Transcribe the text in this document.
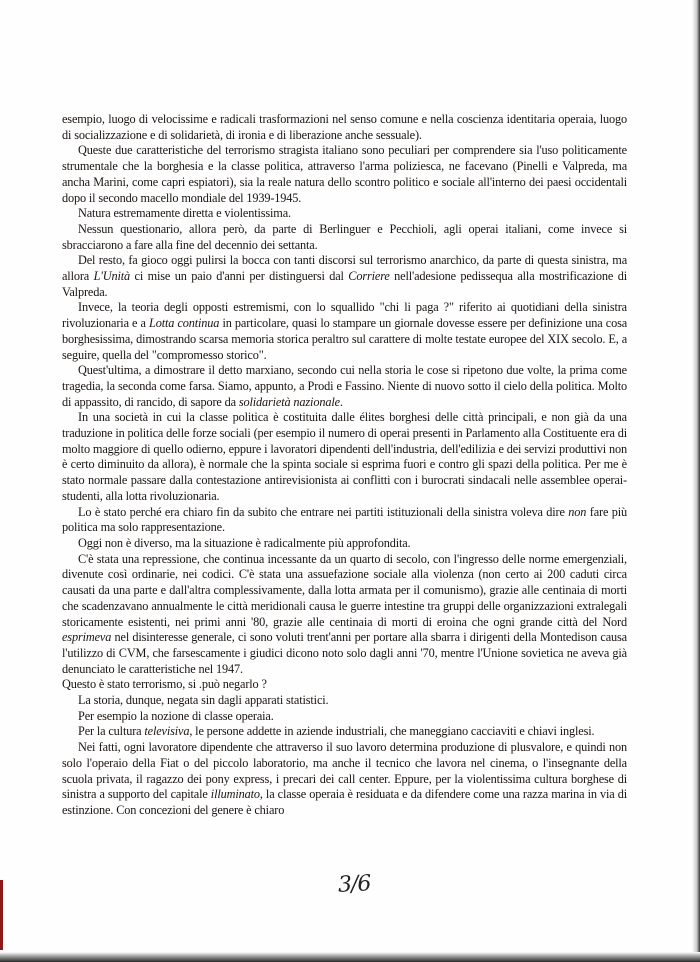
esempio, luogo di velocissime e radicali trasformazioni nel senso comune e nella coscienza identitaria operaia, luogo di socializzazione e di solidarietà, di ironia e di liberazione anche sessuale).

Queste due caratteristiche del terrorismo stragista italiano sono peculiari per comprendere sia l'uso politicamente strumentale che la borghesia e la classe politica, attraverso l'arma poliziesca, ne facevano (Pinelli e Valpreda, ma ancha Marini, come capri espiatori), sia la reale natura dello scontro politico e sociale all'interno dei paesi occidentali dopo il secondo macello mondiale del 1939-1945.

Natura estremamente diretta e violentissima.

Nessun questionario, allora però, da parte di Berlinguer e Pecchioli, agli operai italiani, come invece si sbracciarono a fare alla fine del decennio dei settanta.

Del resto, fa gioco oggi pulirsi la bocca con tanti discorsi sul terrorismo anarchico, da parte di questa sinistra, ma allora L'Unità ci mise un paio d'anni per distinguersi dal Corriere nell'adesione pedissequa alla mostrificazione di Valpreda.

Invece, la teoria degli opposti estremismi, con lo squallido "chi li paga ?" riferito ai quotidiani della sinistra rivoluzionaria e a Lotta continua in particolare, quasi lo stampare un giornale dovesse essere per definizione una cosa borghesissima, dimostrando scarsa memoria storica peraltro sul carattere di molte testate europee del XIX secolo. E, a seguire, quella del "compromesso storico".

Quest'ultima, a dimostrare il detto marxiano, secondo cui nella storia le cose si ripetono due volte, la prima come tragedia, la seconda come farsa. Siamo, appunto, a Prodi e Fassino. Niente di nuovo sotto il cielo della politica. Molto di appassito, di rancido, di sapore da solidarietà nazionale.

In una società in cui la classe politica è costituita dalle élites borghesi delle città principali, e non già da una traduzione in politica delle forze sociali (per esempio il numero di operai presenti in Parlamento alla Costituente era di molto maggiore di quello odierno, eppure i lavoratori dipendenti dell'industria, dell'edilizia e dei servizi produttivi non è certo diminuito da allora), è normale che la spinta sociale si esprima fuori e contro gli spazi della politica. Per me è stato normale passare dalla contestazione antirevisionista ai conflitti con i burocrati sindacali nelle assemblee operai-studenti, alla lotta rivoluzionaria.

Lo è stato perché era chiaro fin da subito che entrare nei partiti istituzionali della sinistra voleva dire non fare più politica ma solo rappresentazione.

Oggi non è diverso, ma la situazione è radicalmente più approfondita.

C'è stata una repressione, che continua incessante da un quarto di secolo, con l'ingresso delle norme emergenziali, divenute così ordinarie, nei codici. C'è stata una assuefazione sociale alla violenza (non certo ai 200 caduti circa causati da una parte e dall'altra complessivamente, dalla lotta armata per il comunismo), grazie alle centinaia di morti che scadenzavano annualmente le città meridionali causa le guerre intestine tra gruppi delle organizzazioni extralegali storicamente esistenti, nei primi anni '80, grazie alle centinaia di morti di eroina che ogni grande città del Nord esprimeva nel disinteresse generale, ci sono voluti trent'anni per portare alla sbarra i dirigenti della Montedison causa l'utilizzo di CVM, che farsescamente i giudici dicono noto solo dagli anni '70, mentre l'Unione sovietica ne aveva già denunciato le caratteristiche nel 1947.

Questo è stato terrorismo, si .può negarlo ?

La storia, dunque, negata sin dagli apparati statistici.

Per esempio la nozione di classe operaia.

Per la cultura televisiva, le persone addette in aziende industriali, che maneggiano cacciaviti e chiavi inglesi.

Nei fatti, ogni lavoratore dipendente che attraverso il suo lavoro determina produzione di plusvalore, e quindi non solo l'operaio della Fiat o del piccolo laboratorio, ma anche il tecnico che lavora nel cinema, o l'insegnante della scuola privata, il ragazzo dei pony express, i precari dei call center. Eppure, per la violentissima cultura borghese di sinistra a supporto del capitale illuminato, la classe operaia è residuata e da difendere come una razza marina in via di estinzione. Con concezioni del genere è chiaro

3/6
